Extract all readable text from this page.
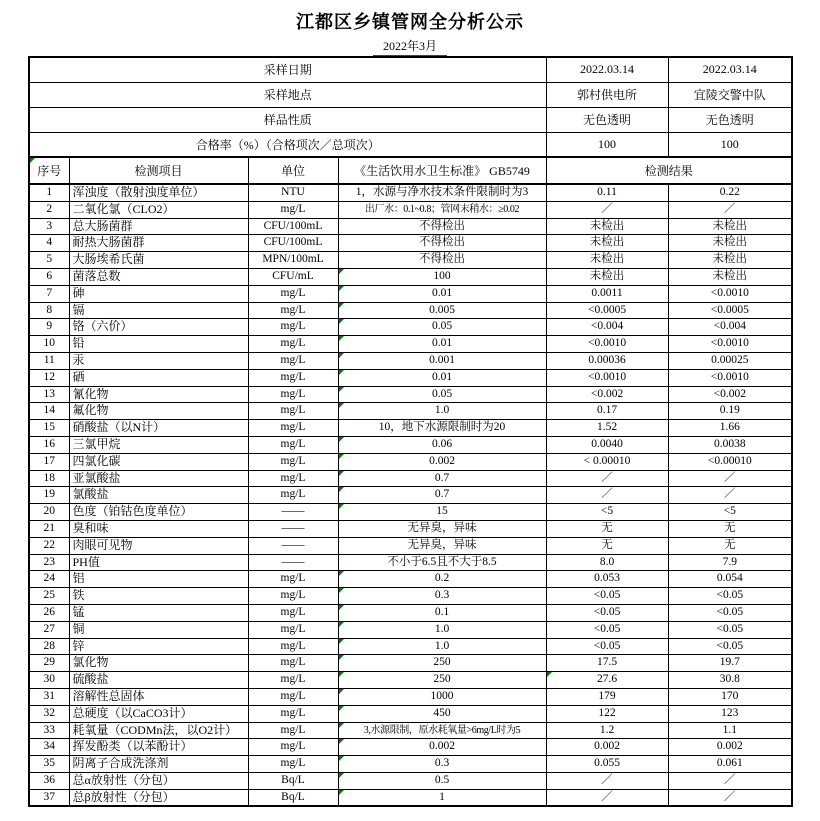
江都区乡镇管网全分析公示
2022年3月
采样日期				2022.03.14	2022.03.14
采样地点				郭村供电所	宜陵交警中队
样品性质				无色透明	无色透明
合格率（%）（合格项次／总项次）				100	100

序号	检测项目	单位	《生活饮用水卫生标准》 GB5749	检测结果	
1	浑浊度（散射浊度单位）	NTU	1，水源与净水技术条件限制时为3	0.11	0.22
2	二氧化氯（CLO2）	mg/L	出厂水：0.1~0.8；管网末稍水：≥0.02	／	／
3	总大肠菌群	CFU/100mL	不得检出	未检出	未检出
4	耐热大肠菌群	CFU/100mL	不得检出	未检出	未检出
5	大肠埃希氏菌	MPN/100mL	不得检出	未检出	未检出
6	菌落总数	CFU/mL	100	未检出	未检出
7	砷	mg/L	0.01	0.0011	<0.0010
8	镉	mg/L	0.005	<0.0005	<0.0005
9	铬（六价）	mg/L	0.05	<0.004	<0.004
10	铅	mg/L	0.01	<0.0010	<0.0010
11	汞	mg/L	0.001	0.00036	0.00025
12	硒	mg/L	0.01	<0.0010	<0.0010
13	氰化物	mg/L	0.05	<0.002	<0.002
14	氟化物	mg/L	1.0	0.17	0.19
15	硝酸盐（以N计）	mg/L	10，地下水源限制时为20	1.52	1.66
16	三氯甲烷	mg/L	0.06	0.0040	0.0038
17	四氯化碳	mg/L	0.002	< 0.00010	<0.00010
18	亚氯酸盐	mg/L	0.7	／	／
19	氯酸盐	mg/L	0.7	／	／
20	色度（铂钴色度单位）	——	15	<5	<5
21	臭和味	——	无异臭，异味	无	无
22	肉眼可见物	——	无异臭，异味	无	无
23	PH值	——	不小于6.5且不大于8.5	8.0	7.9
24	铝	mg/L	0.2	0.053	0.054
25	铁	mg/L	0.3	<0.05	<0.05
26	锰	mg/L	0.1	<0.05	<0.05
27	铜	mg/L	1.0	<0.05	<0.05
28	锌	mg/L	1.0	<0.05	<0.05
29	氯化物	mg/L	250	17.5	19.7
30	硫酸盐	mg/L	250	27.6	30.8
31	溶解性总固体	mg/L	1000	179	170
32	总硬度（以CaCO3计）	mg/L	450	122	123
33	耗氧量（CODMn法，以O2计）	mg/L	3,水源限制，原水耗氧量>6mg/L时为5	1.2	1.1
34	挥发酚类（以苯酚计）	mg/L	0.002	0.002	0.002
35	阴离子合成洗涤剂	mg/L	0.3	0.055	0.061
36	总α放射性（分包）	Bq/L	0.5	／	／
37	总β放射性（分包）	Bq/L	1	／	／
